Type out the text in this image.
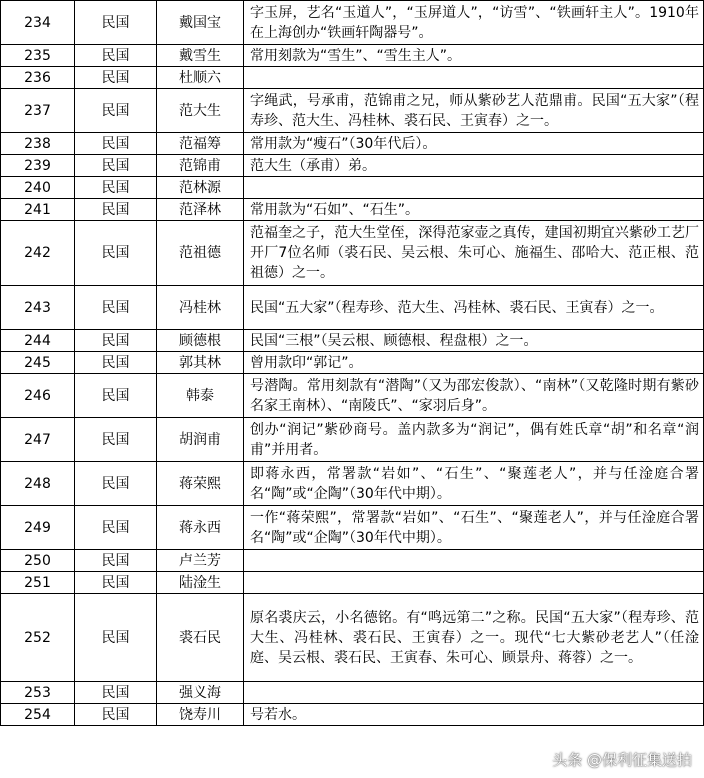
234	民国	戴国宝	字玉屏，艺名“玉道人”，“玉屏道人”，“访雪”、“铁画轩主人”。1910年在上海创办“铁画轩陶器号”。
235	民国	戴雪生	常用刻款为“雪生”、“雪生主人”。
236	民国	杜顺六	
237	民国	范大生	字绳武，号承甫，范锦甫之兄，师从紫砂艺人范鼎甫。民国“五大家”（程寿珍、范大生、冯桂林、裘石民、王寅春）之一。
238	民国	范福筹	常用款为“瘦石”（30年代后）。
239	民国	范锦甫	范大生（承甫）弟。
240	民国	范林源	
241	民国	范泽林	常用款为“石如”、“石生”。
242	民国	范祖德	范福奎之子，范大生堂侄，深得范家壶之真传，建国初期宜兴紫砂工艺厂开厂7位名师（裘石民、吴云根、朱可心、施福生、邵哈大、范正根、范祖德）之一。
243	民国	冯桂林	民国“五大家”（程寿珍、范大生、冯桂林、裘石民、王寅春）之一。
244	民国	顾德根	民国“三根”（吴云根、顾德根、程盘根）之一。
245	民国	郭其林	曾用款印“郭记”。
246	民国	韩泰	号潜陶。常用刻款有“潜陶”（又为邵宏俊款）、“南林”（又乾隆时期有紫砂名家王南林）、“南陵氏”、“家羽后身”。
247	民国	胡润甫	创办“润记”紫砂商号。盖内款多为“润记”，偶有姓氏章“胡”和名章“润甫”并用者。
248	民国	蒋荣熙	即蒋永西，常署款“岩如”、“石生”、“聚莲老人”，并与任淦庭合署名“陶”或“企陶”（30年代中期）。
249	民国	蒋永西	一作“蒋荣熙”，常署款“岩如”、“石生”、“聚莲老人”，并与任淦庭合署名“陶”或“企陶”（30年代中期）。
250	民国	卢兰芳	
251	民国	陆淦生	
252	民国	裘石民	原名裘庆云，小名德铭。有“鸣远第二”之称。民国“五大家”（程寿珍、范大生、冯桂林、裘石民、王寅春）之一。现代“七大紫砂老艺人”（任淦庭、吴云根、裘石民、王寅春、朱可心、顾景舟、蒋蓉）之一。
253	民国	强义海	
254	民国	饶寿川	号若水。
头条 @保利征集送拍
